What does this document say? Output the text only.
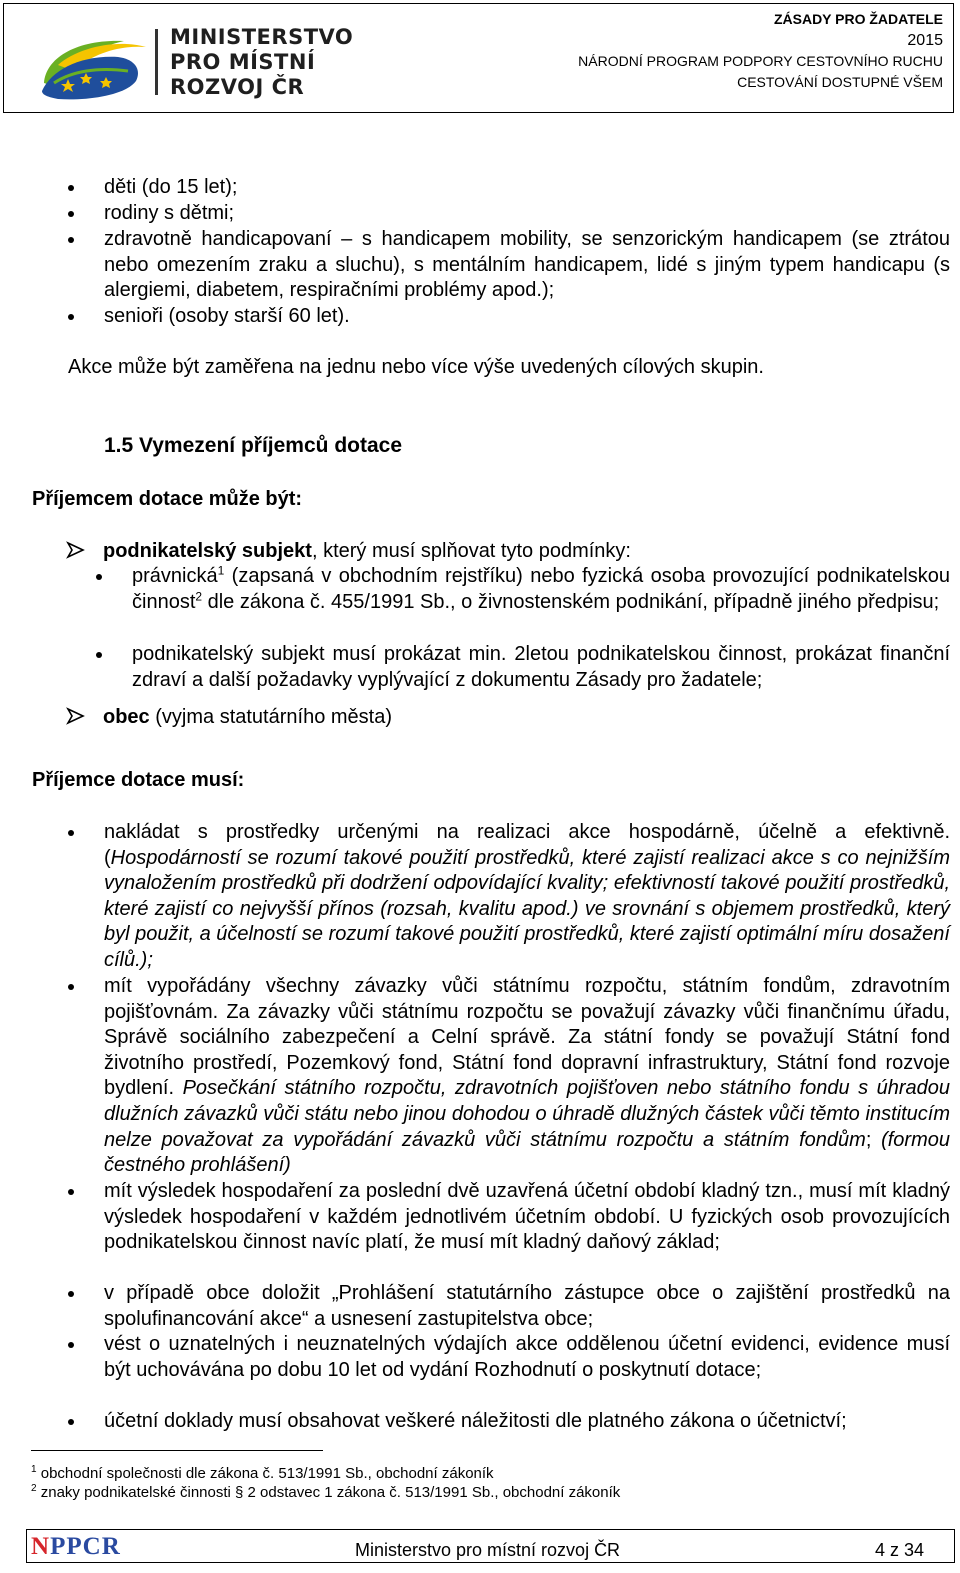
MINISTERSTVO
PRO MÍSTNÍ
ROZVOJ ČR
ZÁSADY PRO ŽADATELE
2015
NÁRODNÍ PROGRAM PODPORY CESTOVNÍHO RUCHU
CESTOVÁNÍ DOSTUPNÉ VŠEM
děti (do 15 let);
rodiny s dětmi;
zdravotně handicapovaní – s handicapem mobility, se senzorickým handicapem (se ztrátou nebo omezením zraku a sluchu), s mentálním handicapem, lidé s jiným typem handicapu (s alergiemi, diabetem, respiračními problémy apod.);
senioři (osoby starší 60 let).
Akce může být zaměřena na jednu nebo více výše uvedených cílových skupin.
1.5 Vymezení příjemců dotace
Příjemcem dotace může být:
podnikatelský subjekt, který musí splňovat tyto podmínky:
právnická$^1$ (zapsaná v obchodním rejstříku) nebo fyzická osoba provozující podnikatelskou činnost$^2$ dle zákona č. 455/1991 Sb., o živnostenském podnikání, případně jiného předpisu;
podnikatelský subjekt musí prokázat min. 2letou podnikatelskou činnost, prokázat finanční zdraví a další požadavky vyplývající z dokumentu Zásady pro žadatele;
obec (vyjma statutárního města)
Příjemce dotace musí:
nakládat s prostředky určenými na realizaci akce hospodárně, účelně a efektivně. (Hospodárností se rozumí takové použití prostředků, které zajistí realizaci akce s co nejnižším vynaložením prostředků při dodržení odpovídající kvality; efektivností takové použití prostředků, které zajistí co nejvyšší přínos (rozsah, kvalitu apod.) ve srovnání s objemem prostředků, který byl použit, a účelností se rozumí takové použití prostředků, které zajistí optimální míru dosažení cílů.);
mít vypořádány všechny závazky vůči státnímu rozpočtu, státním fondům, zdravotním pojišťovnám. Za závazky vůči státnímu rozpočtu se považují závazky vůči finančnímu úřadu, Správě sociálního zabezpečení a Celní správě. Za státní fondy se považují Státní fond životního prostředí, Pozemkový fond, Státní fond dopravní infrastruktury, Státní fond rozvoje bydlení. Posečkání státního rozpočtu, zdravotních pojišťoven nebo státního fondu s úhradou dlužních závazků vůči státu nebo jinou dohodou o úhradě dlužných částek vůči těmto institucím nelze považovat za vypořádání závazků vůči státnímu rozpočtu a státním fondům; (formou čestného prohlášení)
mít výsledek hospodaření za poslední dvě uzavřená účetní období kladný tzn., musí mít kladný výsledek hospodaření v každém jednotlivém účetním období. U fyzických osob provozujících podnikatelskou činnost navíc platí, že musí mít kladný daňový základ;
v případě obce doložit „Prohlášení statutárního zástupce obce o zajištění prostředků na spolufinancování akce“ a usnesení zastupitelstva obce;
vést o uznatelných i neuznatelných výdajích akce oddělenou účetní evidenci, evidence musí být uchovávána po dobu 10 let od vydání Rozhodnutí o poskytnutí dotace;
účetní doklady musí obsahovat veškeré náležitosti dle platného zákona o účetnictví;
$^1$ obchodní společnosti dle zákona č. 513/1991 Sb., obchodní zákoník
$^2$ znaky podnikatelské činnosti § 2 odstavec 1 zákona č. 513/1991 Sb., obchodní zákoník
NPPCR	Ministerstvo pro místní rozvoj ČR	4 z 34
